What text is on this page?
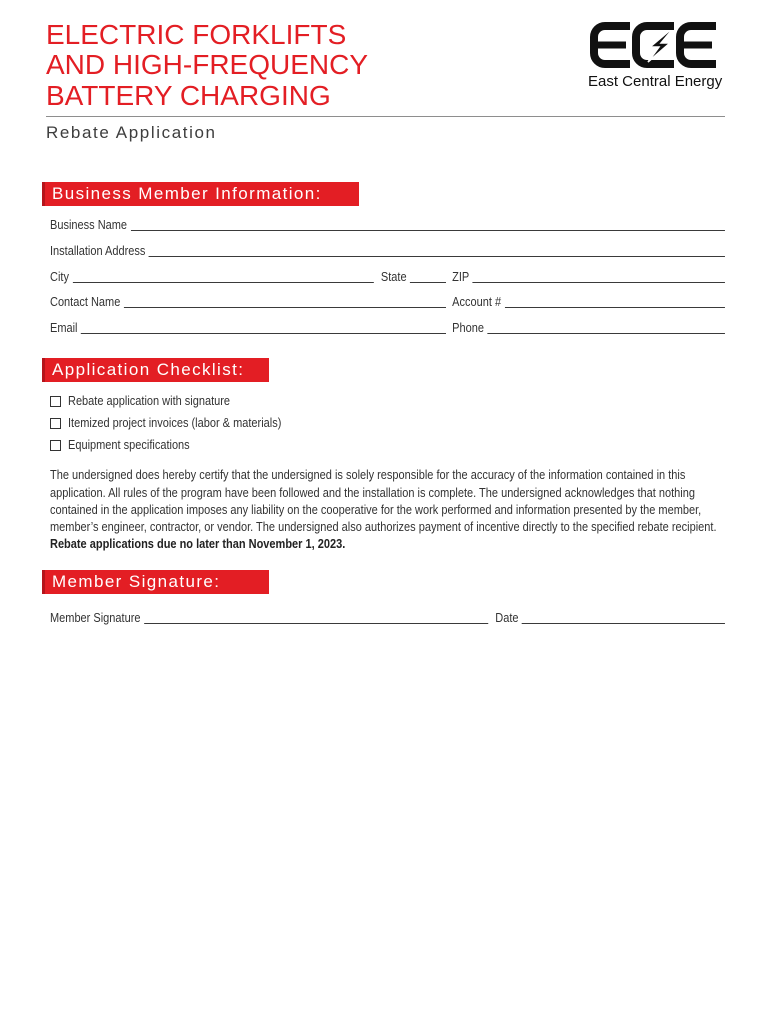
ELECTRIC FORKLIFTS
AND HIGH-FREQUENCY
BATTERY CHARGING	East Central Energy
Rebate Application
Business Member Information:
Business Name
Installation Address
City	State	ZIP
Contact Name	Account #
Email	Phone
Application Checklist:
Rebate application with signature
Itemized project invoices (labor & materials)
Equipment specifications
The undersigned does hereby certify that the undersigned is solely responsible for the accuracy of the information contained in this
application. All rules of the program have been followed and the installation is complete. The undersigned acknowledges that nothing
contained in the application imposes any liability on the cooperative for the work performed and information presented by the member,
member’s engineer, contractor, or vendor. The undersigned also authorizes payment of incentive directly to the specified rebate recipient.
Rebate applications due no later than November 1, 2023.
Member Signature:
Member Signature	Date
